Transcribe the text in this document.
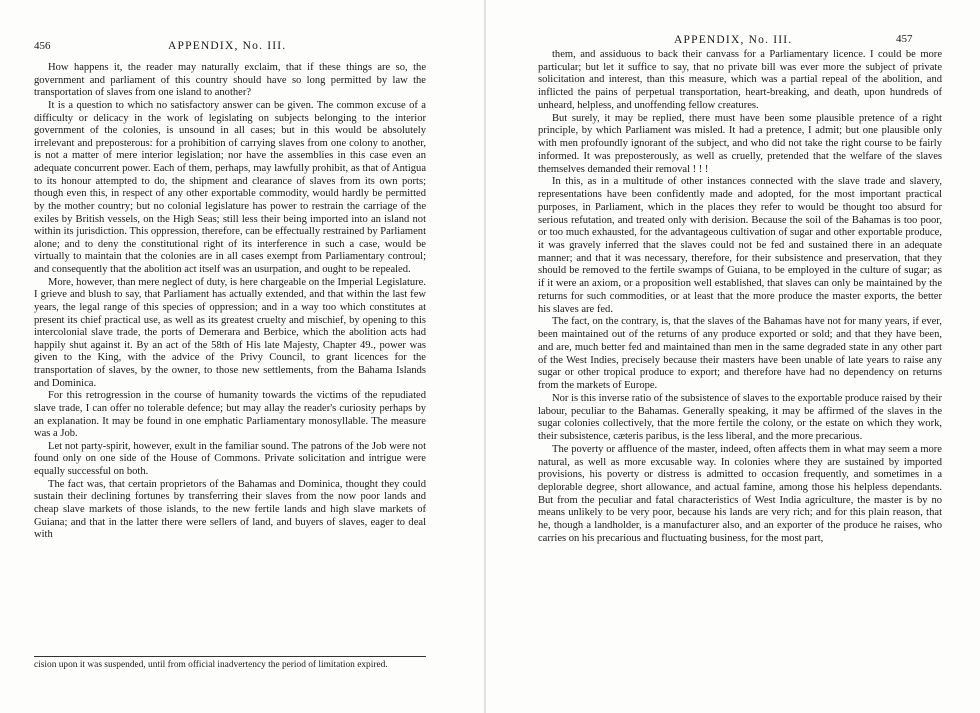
456	APPENDIX, No. III.

How happens it, the reader may naturally exclaim, that if these things are so, the government and parliament of this country should have so long permitted by law the transportation of slaves from one island to another?

It is a question to which no satisfactory answer can be given. The common excuse of a difficulty or delicacy in the work of legislating on subjects belonging to the interior government of the colonies, is unsound in all cases; but in this would be absolutely irrelevant and preposterous: for a prohibition of carrying slaves from one colony to another, is not a matter of mere interior legislation; nor have the assemblies in this case even an adequate concurrent power. Each of them, perhaps, may lawfully prohibit, as that of Antigua to its honour attempted to do, the shipment and clearance of slaves from its own ports; though even this, in respect of any other exportable commodity, would hardly be permitted by the mother country; but no colonial legislature has power to restrain the carriage of the exiles by British vessels, on the High Seas; still less their being imported into an island not within its jurisdiction. This oppression, therefore, can be effectually restrained by Parliament alone; and to deny the constitutional right of its interference in such a case, would be virtually to maintain that the colonies are in all cases exempt from Parliamentary controul; and consequently that the abolition act itself was an usurpation, and ought to be repealed.

More, however, than mere neglect of duty, is here chargeable on the Imperial Legislature. I grieve and blush to say, that Parliament has actually extended, and that within the last few years, the legal range of this species of oppression; and in a way too which constitutes at present its chief practical use, as well as its greatest cruelty and mischief, by opening to this intercolonial slave trade, the ports of Demerara and Berbice, which the abolition acts had happily shut against it. By an act of the 58th of His late Majesty, Chapter 49., power was given to the King, with the advice of the Privy Council, to grant licences for the transportation of slaves, by the owner, to those new settlements, from the Bahama Islands and Dominica.

For this retrogression in the course of humanity towards the victims of the repudiated slave trade, I can offer no tolerable defence; but may allay the reader's curiosity perhaps by an explanation. It may be found in one emphatic Parliamentary monosyllable. The measure was a Job.

Let not party-spirit, however, exult in the familiar sound. The patrons of the Job were not found only on one side of the House of Commons. Private solicitation and intrigue were equally successful on both.

The fact was, that certain proprietors of the Bahamas and Dominica, thought they could sustain their declining fortunes by transferring their slaves from the now poor lands and cheap slave markets of those islands, to the new fertile lands and high slave markets of Guiana; and that in the latter there were sellers of land, and buyers of slaves, eager to deal with

cision upon it was suspended, until from official inadvertency the period of limitation expired.

APPENDIX, No. III.	457

them, and assiduous to back their canvass for a Parliamentary licence. I could be more particular; but let it suffice to say, that no private bill was ever more the subject of private solicitation and interest, than this measure, which was a partial repeal of the abolition, and inflicted the pains of perpetual transportation, heart-breaking, and death, upon hundreds of unheard, helpless, and unoffending fellow creatures.

But surely, it may be replied, there must have been some plausible pretence of a right principle, by which Parliament was misled. It had a pretence, I admit; but one plausible only with men profoundly ignorant of the subject, and who did not take the right course to be fairly informed. It was preposterously, as well as cruelly, pretended that the welfare of the slaves themselves demanded their removal ! ! !

In this, as in a multitude of other instances connected with the slave trade and slavery, representations have been confidently made and adopted, for the most important practical purposes, in Parliament, which in the places they refer to would be thought too absurd for serious refutation, and treated only with derision. Because the soil of the Bahamas is too poor, or too much exhausted, for the advantageous cultivation of sugar and other exportable produce, it was gravely inferred that the slaves could not be fed and sustained there in an adequate manner; and that it was necessary, therefore, for their subsistence and preservation, that they should be removed to the fertile swamps of Guiana, to be employed in the culture of sugar; as if it were an axiom, or a proposition well established, that slaves can only be maintained by the returns for such commodities, or at least that the more produce the master exports, the better his slaves are fed.

The fact, on the contrary, is, that the slaves of the Bahamas have not for many years, if ever, been maintained out of the returns of any produce exported or sold; and that they have been, and are, much better fed and maintained than men in the same degraded state in any other part of the West Indies, precisely because their masters have been unable of late years to raise any sugar or other tropical produce to export; and therefore have had no dependency on returns from the markets of Europe.

Nor is this inverse ratio of the subsistence of slaves to the exportable produce raised by their labour, peculiar to the Bahamas. Generally speaking, it may be affirmed of the slaves in the sugar colonies collectively, that the more fertile the colony, or the estate on which they work, their subsistence, cæteris paribus, is the less liberal, and the more precarious.

The poverty or affluence of the master, indeed, often affects them in what may seem a more natural, as well as more excusable way. In colonies where they are sustained by imported provisions, his poverty or distress is admitted to occasion frequently, and sometimes in a deplorable degree, short allowance, and actual famine, among those his helpless dependants. But from the peculiar and fatal characteristics of West India agriculture, the master is by no means unlikely to be very poor, because his lands are very rich; and for this plain reason, that he, though a landholder, is a manufacturer also, and an exporter of the produce he raises, who carries on his precarious and fluctuating business, for the most part,
